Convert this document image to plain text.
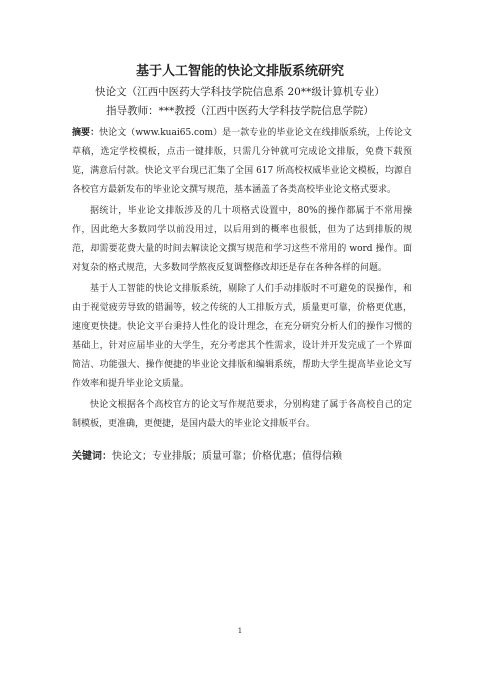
基于人工智能的快论文排版系统研究
快论文（江西中医药大学科技学院信息系 20**级计算机专业）
指导教师：***教授（江西中医药大学科技学院信息学院）

摘要：快论文（www.kuai65.com）是一款专业的毕业论文在线排版系统，上传论文草稿，选定学校模板，点击一键排版，只需几分钟就可完成论文排版，免费下载预览，满意后付款。快论文平台现已汇集了全国 617 所高校权威毕业论文模板，均源自各校官方最新发布的毕业论文撰写规范，基本涵盖了各类高校毕业论文格式要求。

据统计，毕业论文排版涉及的几十项格式设置中，80%的操作都属于不常用操作，因此绝大多数同学以前没用过，以后用到的概率也很低，但为了达到排版的规范，却需要花费大量的时间去解读论文撰写规范和学习这些不常用的 word 操作。面对复杂的格式规范，大多数同学熬夜反复调整修改却还是存在各种各样的问题。

基于人工智能的快论文排版系统，剔除了人们手动排版时不可避免的误操作，和由于视觉疲劳导致的错漏等，较之传统的人工排版方式，质量更可靠，价格更优惠，速度更快捷。快论文平台秉持人性化的设计理念，在充分研究分析人们的操作习惯的基础上，针对应届毕业的大学生，充分考虑其个性需求，设计并开发完成了一个界面简洁、功能强大、操作便捷的毕业论文排版和编辑系统，帮助大学生提高毕业论文写作效率和提升毕业论文质量。

快论文根据各个高校官方的论文写作规范要求，分别构建了属于各高校自己的定制模板，更准确，更便捷，是国内最大的毕业论文排版平台。

关键词：快论文；专业排版；质量可靠；价格优惠；值得信赖
1
